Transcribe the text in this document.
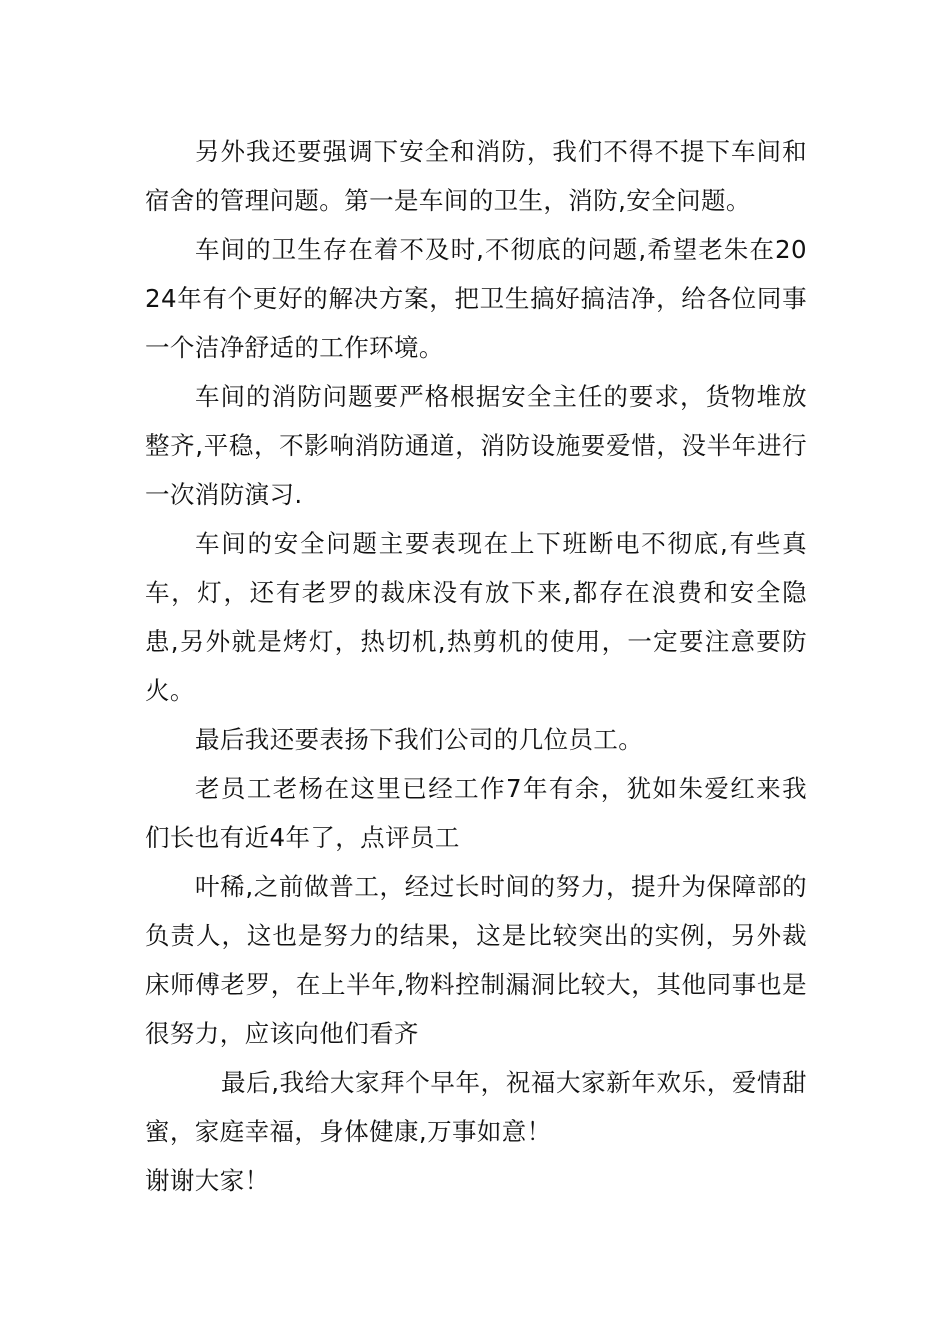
另外我还要强调下安全和消防，我们不得不提下车间和宿舍的管理问题。第一是车间的卫生，消防,安全问题。

车间的卫生存在着不及时,不彻底的问题,希望老朱在2024年有个更好的解决方案，把卫生搞好搞洁净，给各位同事一个洁净舒适的工作环境。

车间的消防问题要严格根据安全主任的要求，货物堆放整齐,平稳，不影响消防通道，消防设施要爱惜，没半年进行一次消防演习.

车间的安全问题主要表现在上下班断电不彻底,有些真车，灯，还有老罗的裁床没有放下来,都存在浪费和安全隐患,另外就是烤灯，热切机,热剪机的使用，一定要注意要防火。

最后我还要表扬下我们公司的几位员工。

老员工老杨在这里已经工作7年有余，犹如朱爱红来我们长也有近4年了，点评员工

叶稀,之前做普工，经过长时间的努力，提升为保障部的负责人，这也是努力的结果，这是比较突出的实例，另外裁床师傅老罗，在上半年,物料控制漏洞比较大，其他同事也是很努力，应该向他们看齐

最后,我给大家拜个早年，祝福大家新年欢乐，爱情甜蜜，家庭幸福，身体健康,万事如意！

谢谢大家！
